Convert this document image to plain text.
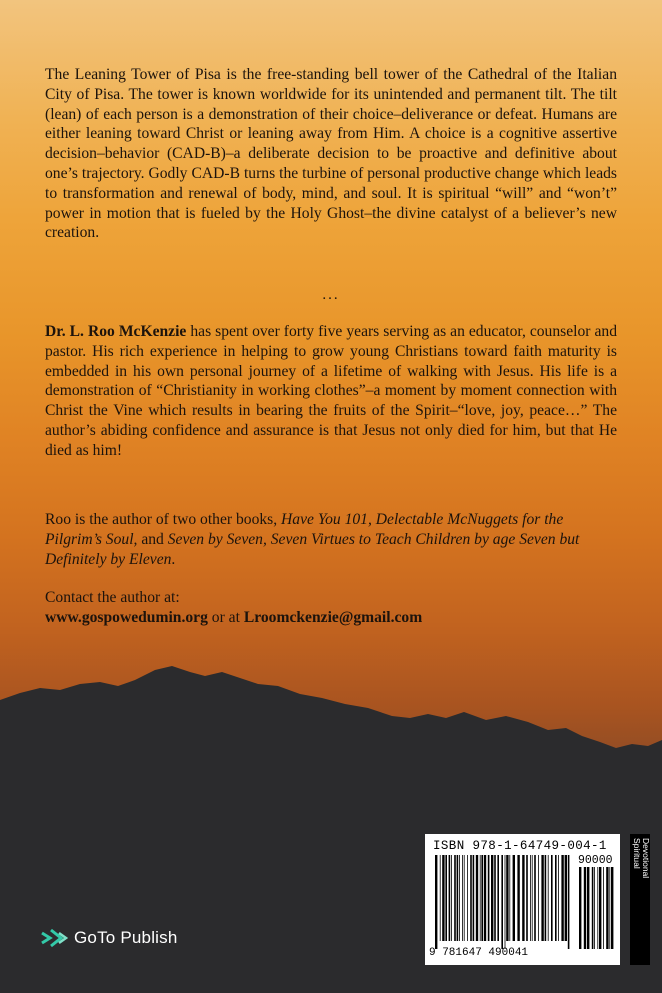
The Leaning Tower of Pisa is the free-standing bell tower of the Cathedral of the Italian City of Pisa. The tower is known worldwide for its unintended and permanent tilt. The tilt (lean) of each person is a demonstration of their choice–deliverance or defeat. Humans are either leaning toward Christ or leaning away from Him. A choice is a cognitive assertive decision–behavior (CAD-B)–a deliberate decision to be proactive and definitive about one’s trajectory. Godly CAD-B turns the turbine of personal productive change which leads to transformation and renewal of body, mind, and soul. It is spiritual “will” and “won’t” power in motion that is fueled by the Holy Ghost–the divine catalyst of a believer’s new creation.
...
Dr. L. Roo McKenzie has spent over forty five years serving as an educator, counselor and pastor. His rich experience in helping to grow young Christians toward faith maturity is embedded in his own personal journey of a lifetime of walking with Jesus. His life is a demonstration of “Christianity in working clothes”–a moment by moment connection with Christ the Vine which results in bearing the fruits of the Spirit–“love, joy, peace…” The author’s abiding confidence and assurance is that Jesus not only died for him, but that He died as him!
Roo is the author of two other books, Have You 101, Delectable McNuggets for the Pilgrim’s Soul, and Seven by Seven, Seven Virtues to Teach Children by age Seven but Definitely by Eleven.
Contact the author at:
www.gospowedumin.org or at Lroomckenzie@gmail.com
ISBN 978-1-64749-004-1
90000
9 781647 490041
Devotional
Spiritual
GoTo Publish
